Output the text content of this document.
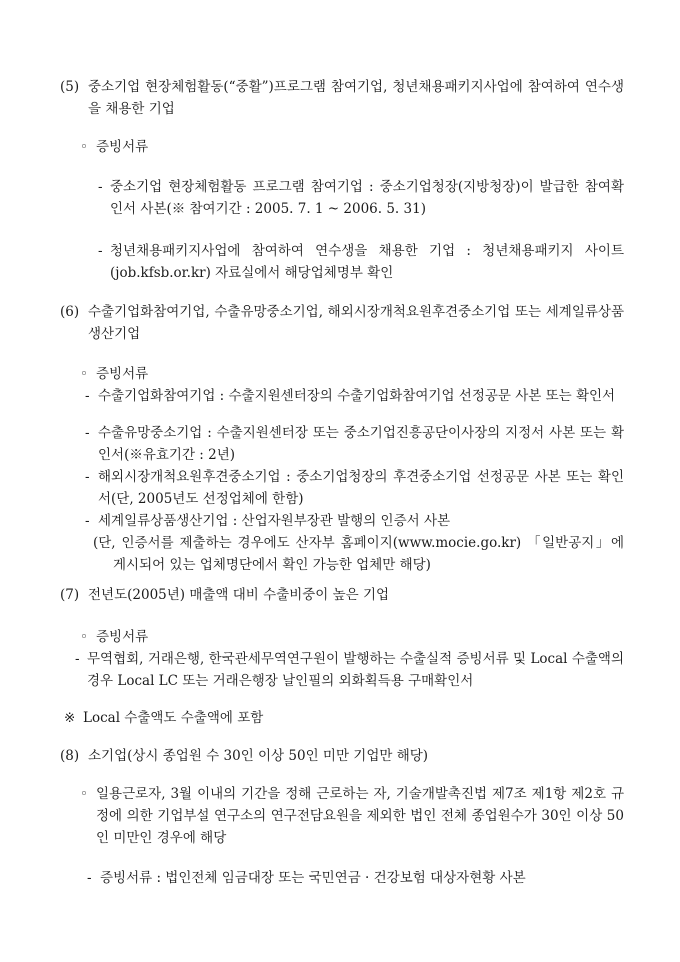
(5) 중소기업 현장체험활동(“중활”)프로그램 참여기업, 청년채용패키지사업에 참여하여 연수생을 채용한 기업
◦ 증빙서류
- 중소기업 현장체험활동 프로그램 참여기업 : 중소기업청장(지방청장)이 발급한 참여확인서 사본(※ 참여기간 : 2005. 7. 1 ~ 2006. 5. 31)
- 청년채용패키지사업에 참여하여 연수생을 채용한 기업 : 청년채용패키지 사이트 (job.kfsb.or.kr) 자료실에서 해당업체명부 확인
(6) 수출기업화참여기업, 수출유망중소기업, 해외시장개척요원후견중소기업 또는 세계일류상품생산기업
◦ 증빙서류
- 수출기업화참여기업 : 수출지원센터장의 수출기업화참여기업 선정공문 사본 또는 확인서
- 수출유망중소기업 : 수출지원센터장 또는 중소기업진흥공단이사장의 지정서 사본 또는 확인서(※유효기간 : 2년)
- 해외시장개척요원후견중소기업 : 중소기업청장의 후견중소기업 선정공문 사본 또는 확인서(단, 2005년도 선정업체에 한함)
- 세계일류상품생산기업 : 산업자원부장관 발행의 인증서 사본
(단, 인증서를 제출하는 경우에도 산자부 홈페이지(www.mocie.go.kr) 「일반공지」에 게시되어 있는 업체명단에서 확인 가능한 업체만 해당)
(7) 전년도(2005년) 매출액 대비 수출비중이 높은 기업
◦ 증빙서류
- 무역협회, 거래은행, 한국관세무역연구원이 발행하는 수출실적 증빙서류 및 Local 수출액의 경우 Local LC 또는 거래은행장 날인필의 외화획득용 구매확인서
※ Local 수출액도 수출액에 포함
(8) 소기업(상시 종업원 수 30인 이상 50인 미만 기업만 해당)
◦ 일용근로자, 3월 이내의 기간을 정해 근로하는 자, 기술개발촉진법 제7조 제1항 제2호 규정에 의한 기업부설 연구소의 연구전담요원을 제외한 법인 전체 종업원수가 30인 이상 50인 미만인 경우에 해당
- 증빙서류 : 법인전체 임금대장 또는 국민연금 · 건강보험 대상자현황 사본
